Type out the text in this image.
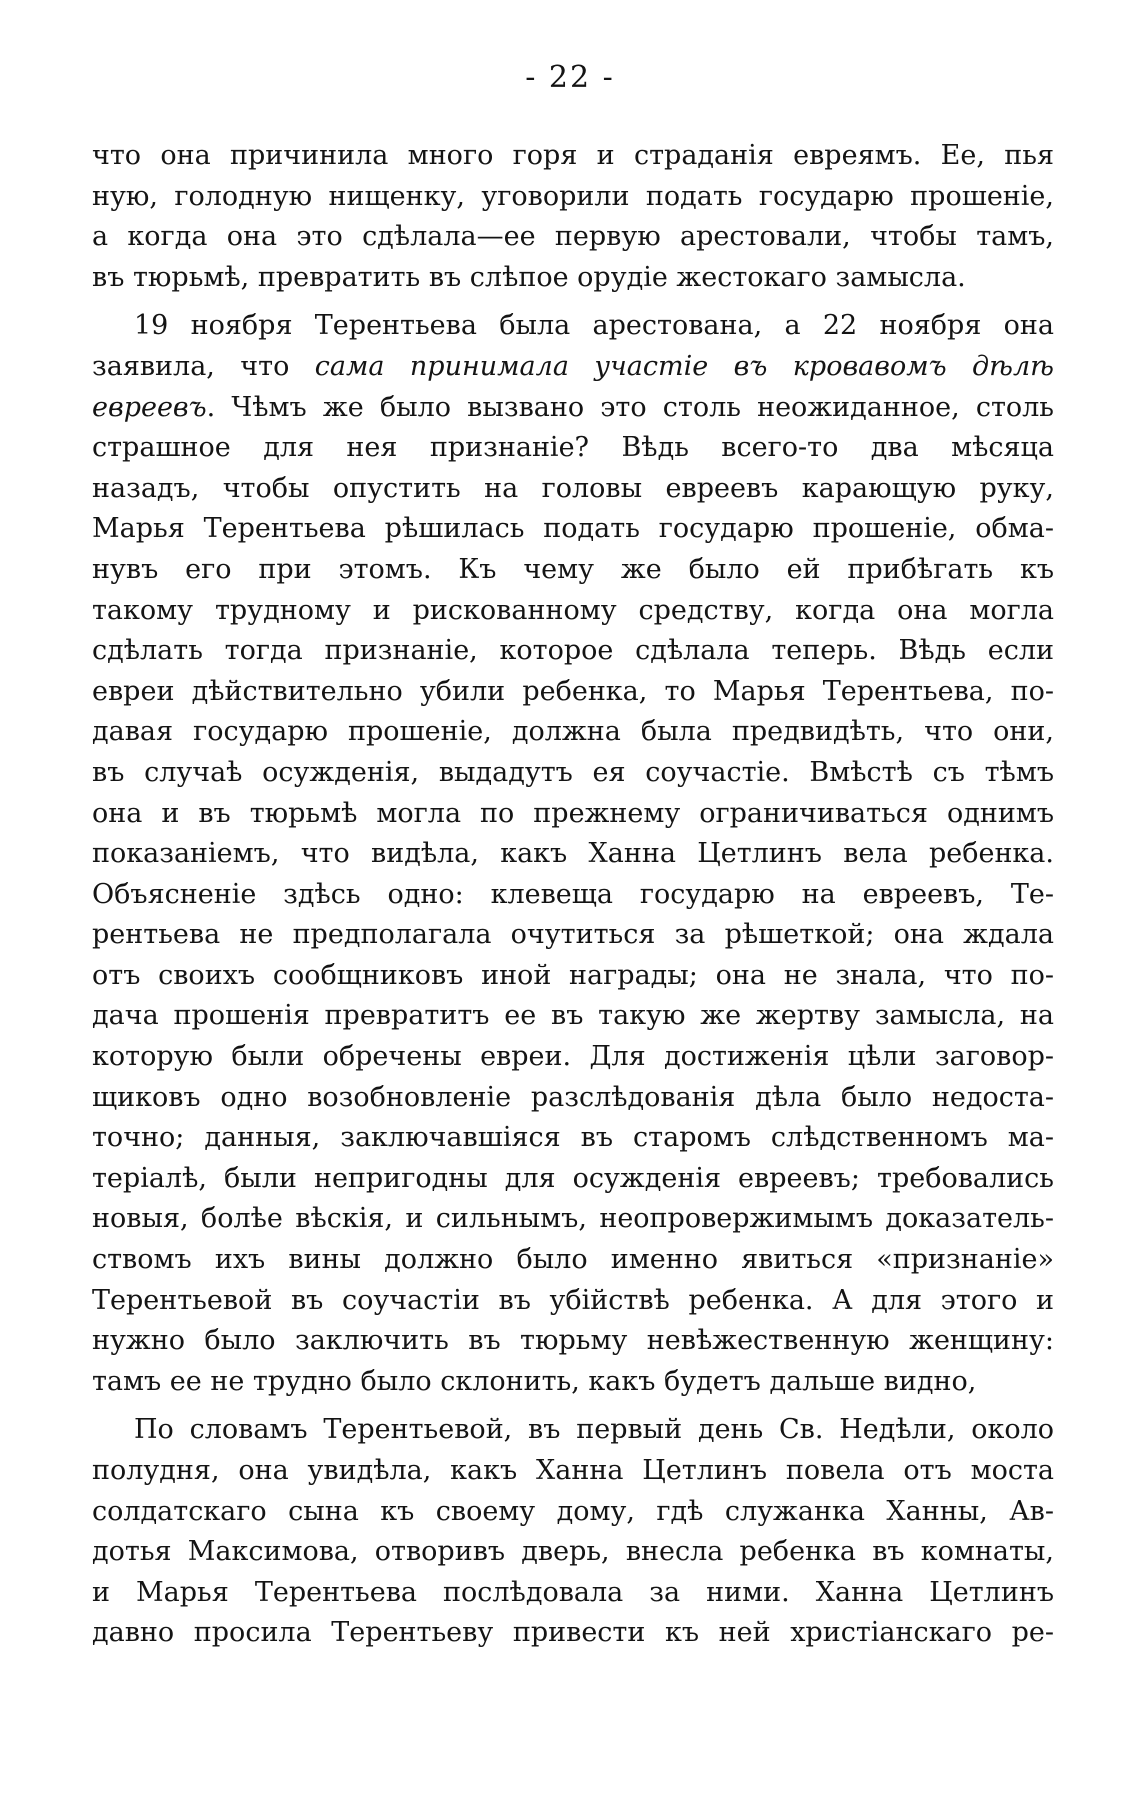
- 22 -
что она причинила много горя и страданія евреямъ. Ее, пья
ную, голодную нищенку, уговорили подать государю прошеніе,
а когда она это сдѣлала—ее первую арестовали, чтобы тамъ,
въ тюрьмѣ, превратить въ слѣпое орудіе жестокаго замысла.
19 ноября Терентьева была арестована, а 22 ноября она
заявила, что сама принимала участіе въ кровавомъ дѣлѣ
евреевъ. Чѣмъ же было вызвано это столь неожиданное, столь
страшное для нея признаніе? Вѣдь всего-то два мѣсяца
назадъ, чтобы опустить на головы евреевъ карающую руку,
Марья Терентьева рѣшилась подать государю прошеніе, обма-
нувъ его при этомъ. Къ чему же было ей прибѣгать къ
такому трудному и рискованному средству, когда она могла
сдѣлать тогда признаніе, которое сдѣлала теперь. Вѣдь если
евреи дѣйствительно убили ребенка, то Марья Терентьева, по-
давая государю прошеніе, должна была предвидѣть, что они,
въ случаѣ осужденія, выдадутъ ея соучастіе. Вмѣстѣ съ тѣмъ
она и въ тюрьмѣ могла по прежнему ограничиваться однимъ
показаніемъ, что видѣла, какъ Ханна Цетлинъ вела ребенка.
Объясненіе здѣсь одно: клевеща государю на евреевъ, Те-
рентьева не предполагала очутиться за рѣшеткой; она ждала
отъ своихъ сообщниковъ иной награды; она не знала, что по-
дача прошенія превратитъ ее въ такую же жертву замысла, на
которую были обречены евреи. Для достиженія цѣли заговор-
щиковъ одно возобновленіе разслѣдованія дѣла было недоста-
точно; данныя, заключавшіяся въ старомъ слѣдственномъ ма-
теріалѣ, были непригодны для осужденія евреевъ; требовались
новыя, болѣе вѣскія, и сильнымъ, неопровержимымъ доказатель-
ствомъ ихъ вины должно было именно явиться «признаніе»
Терентьевой въ соучастіи въ убійствѣ ребенка. А для этого и
нужно было заключить въ тюрьму невѣжественную женщину:
тамъ ее не трудно было склонить, какъ будетъ дальше видно,
По словамъ Терентьевой, въ первый день Св. Недѣли, около
полудня, она увидѣла, какъ Ханна Цетлинъ повела отъ моста
солдатскаго сына къ своему дому, гдѣ служанка Ханны, Ав-
дотья Максимова, отворивъ дверь, внесла ребенка въ комнаты,
и Марья Терентьева послѣдовала за ними. Ханна Цетлинъ
давно просила Терентьеву привести къ ней христіанскаго ре-
